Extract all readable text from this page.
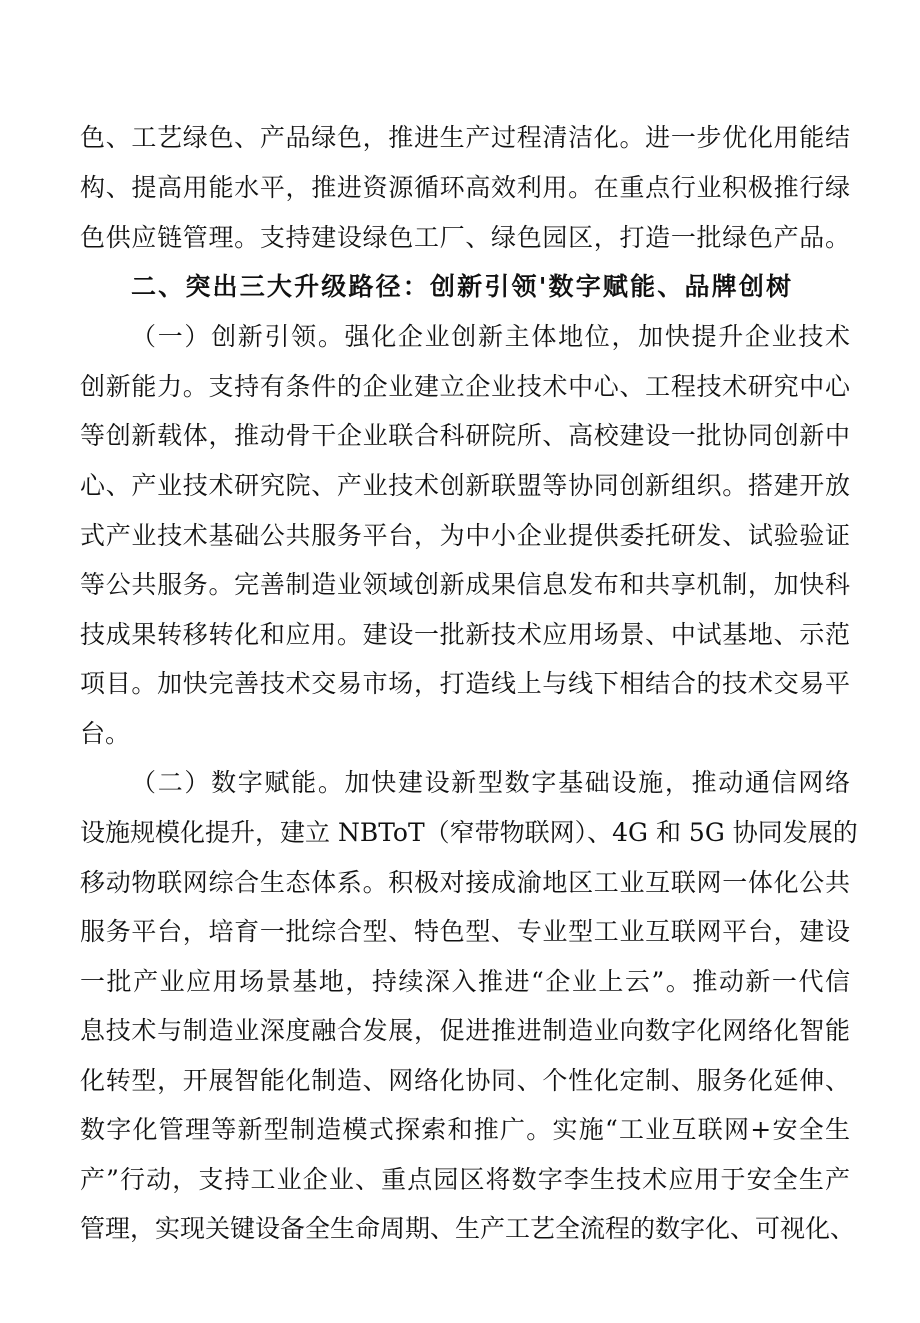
色、工艺绿色、产品绿色，推进生产过程清洁化。进一步优化用能结
构、提高用能水平，推进资源循环高效利用。在重点行业积极推行绿
色供应链管理。支持建设绿色工厂、绿色园区，打造一批绿色产品。
二、突出三大升级路径：创新引领'数字赋能、品牌创树
（一）创新引领。强化企业创新主体地位，加快提升企业技术
创新能力。支持有条件的企业建立企业技术中心、工程技术研究中心
等创新载体，推动骨干企业联合科研院所、高校建设一批协同创新中
心、产业技术研究院、产业技术创新联盟等协同创新组织。搭建开放
式产业技术基础公共服务平台，为中小企业提供委托研发、试验验证
等公共服务。完善制造业领域创新成果信息发布和共享机制，加快科
技成果转移转化和应用。建设一批新技术应用场景、中试基地、示范
项目。加快完善技术交易市场，打造线上与线下相结合的技术交易平
台。
（二）数字赋能。加快建设新型数字基础设施，推动通信网络
设施规模化提升，建立 NBToT（窄带物联网）、4G 和 5G 协同发展的
移动物联网综合生态体系。积极对接成渝地区工业互联网一体化公共
服务平台，培育一批综合型、特色型、专业型工业互联网平台，建设
一批产业应用场景基地，持续深入推进“企业上云”。推动新一代信
息技术与制造业深度融合发展，促进推进制造业向数字化网络化智能
化转型，开展智能化制造、网络化协同、个性化定制、服务化延伸、
数字化管理等新型制造模式探索和推广。实施“工业互联网+安全生
产”行动，支持工业企业、重点园区将数字李生技术应用于安全生产
管理，实现关键设备全生命周期、生产工艺全流程的数字化、可视化、
